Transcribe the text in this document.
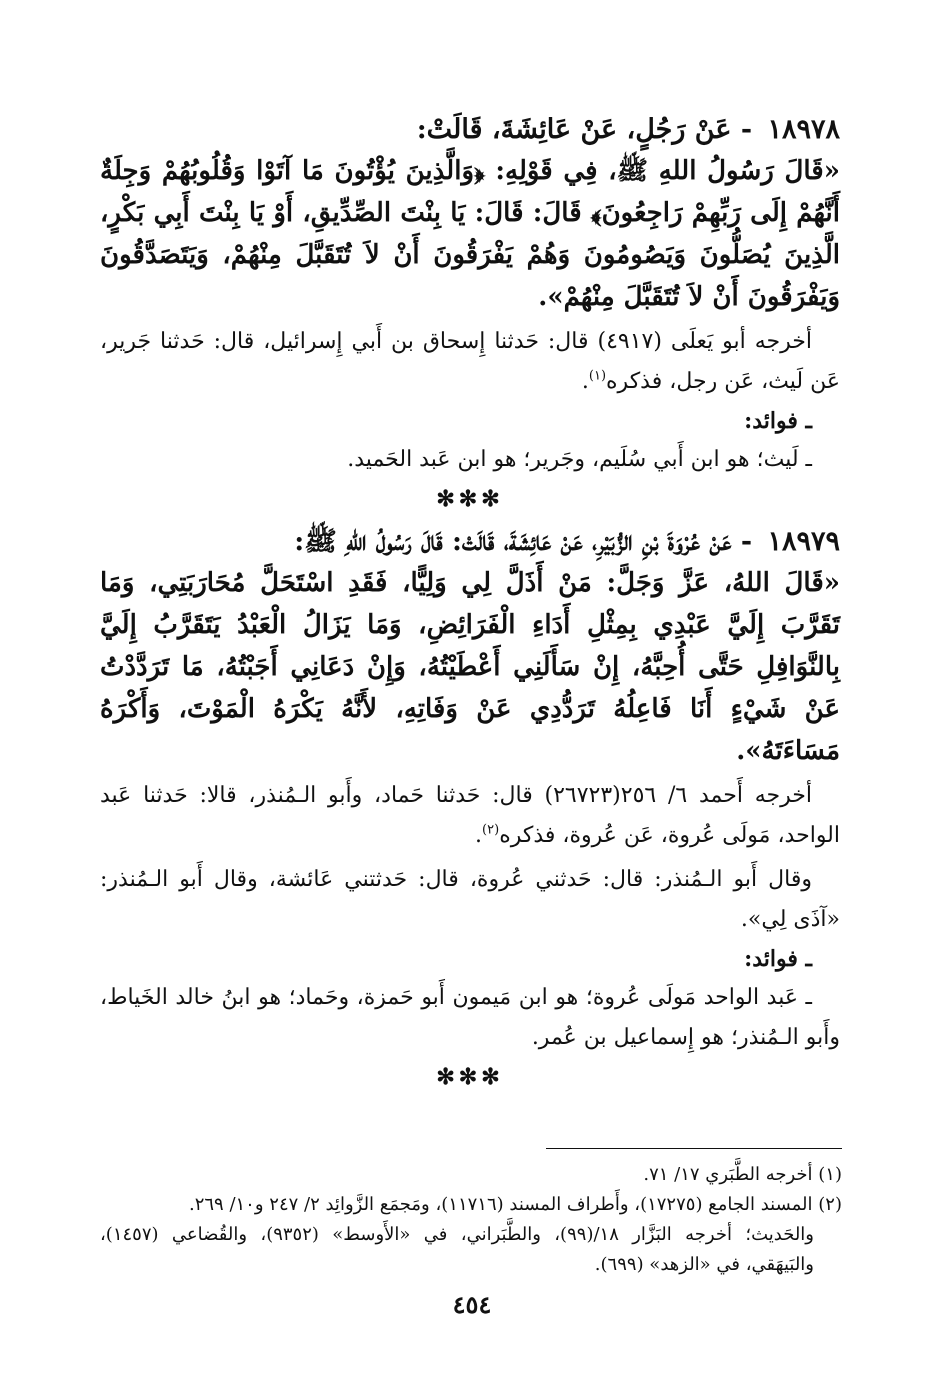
١٨٩٧٨ - عَنْ رَجُلٍ، عَنْ عَائِشَةَ، قَالَتْ:

«قَالَ رَسُولُ اللهِ ﷺ، فِي قَوْلِهِ: ﴿وَالَّذِينَ يُؤْتُونَ مَا آتَوْا وَقُلُوبُهُمْ وَجِلَةٌ أَنَّهُمْ إِلَى رَبِّهِمْ رَاجِعُونَ﴾ قَالَ: قَالَ: يَا بِنْتَ الصِّدِّيقِ، أَوْ يَا بِنْتَ أَبِي بَكْرٍ، الَّذِينَ يُصَلُّونَ وَيَصُومُونَ وَهُمْ يَفْرَقُونَ أَنْ لاَ تُتَقَبَّلَ مِنْهُمْ، وَيَتَصَدَّقُونَ وَيَفْرَقُونَ أَنْ لاَ تُتَقَبَّلَ مِنْهُمْ».

أخرجه أبو يَعلَى (٤٩١٧) قال: حَدثنا إِسحاق بن أَبي إِسرائيل، قال: حَدثنا جَرير، عَن لَيث، عَن رجل، فذكره$^{(١)}$.

ـ فوائد:

ـ لَيث؛ هو ابن أَبي سُلَيم، وجَرير؛ هو ابن عَبد الحَميد.

✻✻✻

١٨٩٧٩ - عَنْ عُرْوَةَ بْنِ الزُّبَيْرِ، عَنْ عَائِشَةَ، قَالَتْ: قَالَ رَسُولُ اللهِ ﷺ:

«قَالَ اللهُ، عَزَّ وَجَلَّ: مَنْ أَذَلَّ لِي وَلِيًّا، فَقَدِ اسْتَحَلَّ مُحَارَبَتِي، وَمَا تَقَرَّبَ إِلَيَّ عَبْدِي بِمِثْلِ أَدَاءِ الْفَرَائِضِ، وَمَا يَزَالُ الْعَبْدُ يَتَقَرَّبُ إِلَيَّ بِالنَّوَافِلِ حَتَّى أُحِبَّهُ، إِنْ سَأَلَنِي أَعْطَيْتُهُ، وَإِنْ دَعَانِي أَجَبْتُهُ، مَا تَرَدَّدْتُ عَنْ شَيْءٍ أَنَا فَاعِلُهُ تَرَدُّدِي عَنْ وَفَاتِهِ، لأَنَّهُ يَكْرَهُ الْمَوْتَ، وَأَكْرَهُ مَسَاءَتَهُ».

أخرجه أَحمد ٦/ ٢٥٦(٢٦٧٢٣) قال: حَدثنا حَماد، وأَبو الـمُنذر، قالا: حَدثنا عَبد الواحد، مَولَى عُروة، عَن عُروة، فذكره$^{(٢)}$.

وقال أَبو الـمُنذر: قال: حَدثني عُروة، قال: حَدثتني عَائشة، وقال أَبو الـمُنذر: «آذَى لِي».

ـ فوائد:

ـ عَبد الواحد مَولَى عُروة؛ هو ابن مَيمون أَبو حَمزة، وحَماد؛ هو ابنُ خالد الخَياط، وأَبو الـمُنذر؛ هو إِسماعيل بن عُمر.

✻✻✻

(١) أخرجه الطَّبَري ١٧/ ٧١.

(٢) المسند الجامع (١٧٢٧٥)، وأَطراف المسند (١١٧١٦)، ومَجمَع الزَّوائِد ٢/ ٢٤٧ و١٠/ ٢٦٩.

والحَديث؛ أخرجه البَزَّار ١٨/(٩٩)، والطَّبَراني، في «الأَوسط» (٩٣٥٢)، والقُضاعي (١٤٥٧)، والبَيهَقي، في «الزهد» (٦٩٩).

٤٥٤
